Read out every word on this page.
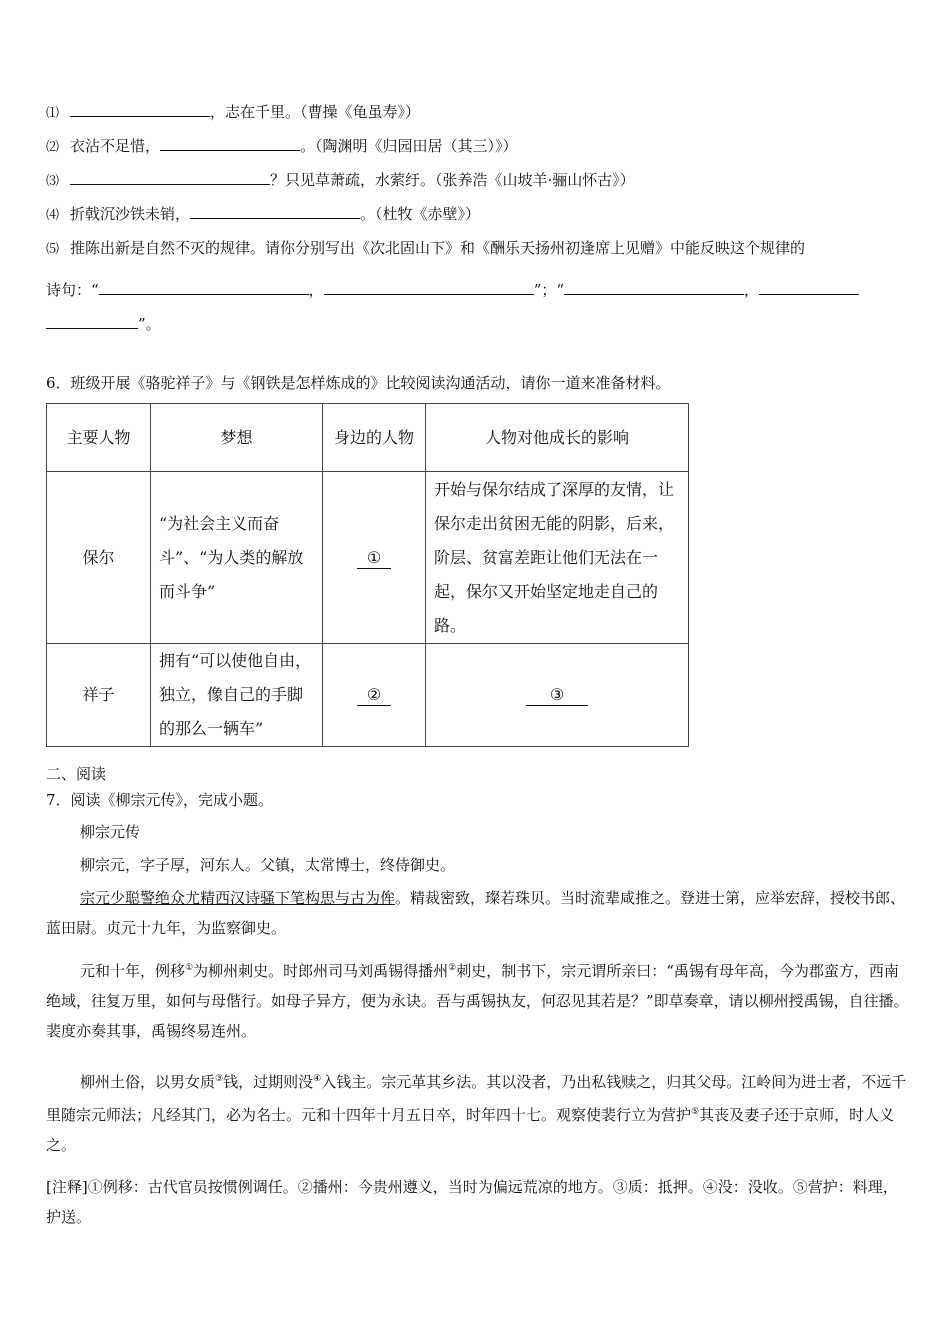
⑴	，志在千里。（曹操《龟虽寿》）
⑵ 衣沾不足惜，	。（陶渊明《归园田居（其三）》）
⑶	？只见草萧疏，水萦纡。（张养浩《山坡羊·骊山怀古》）
⑷ 折戟沉沙铁未销，	。（杜牧《赤壁》）
⑸ 推陈出新是自然不灭的规律。请你分别写出《次北固山下》和《酬乐天扬州初逢席上见赠》中能反映这个规律的
诗句：“	，	”；“	，
”。
6．班级开展《骆驼祥子》与《钢铁是怎样炼成的》比较阅读沟通活动，请你一道来准备材料。
主要人物	梦想	身边的人物	人物对他成长的影响
保尔	“为社会主义而奋斗”、“为人类的解放而斗争”	①	开始与保尔结成了深厚的友情，让保尔走出贫困无能的阴影，后来，阶层、贫富差距让他们无法在一起，保尔又开始坚定地走自己的路。
祥子	拥有“可以使他自由，独立，像自己的手脚的那么一辆车”	②	③
二、阅读
7．阅读《柳宗元传》，完成小题。
柳宗元传
柳宗元，字子厚，河东人。父镇，太常博士，终侍御史。
宗元少聪警绝众尤精西汉诗骚下笔构思与古为侔。精裁密致，璨若珠贝。当时流辈咸推之。登进士第，应举宏辞，授校书郎、蓝田尉。贞元十九年，为监察御史。
元和十年，例移①为柳州刺史。时郎州司马刘禹锡得播州②刺史，制书下，宗元谓所亲曰：“禹锡有母年高，今为郡蛮方，西南绝域，往复万里，如何与母偕行。如母子异方，便为永诀。吾与禹锡执友，何忍见其若是？”即草奏章，请以柳州授禹锡，自往播。裴度亦奏其事，禹锡终易连州。
柳州土俗，以男女质③钱，过期则没④入钱主。宗元革其乡法。其以没者，乃出私钱赎之，归其父母。江岭间为进士者，不远千里随宗元师法；凡经其门，必为名士。元和十四年十月五日卒，时年四十七。观察使裴行立为营护⑤其丧及妻子还于京师，时人义之。
[注释]①例移：古代官员按惯例调任。②播州：今贵州遵义，当时为偏远荒凉的地方。③质：抵押。④没：没收。⑤营护：料理，护送。
